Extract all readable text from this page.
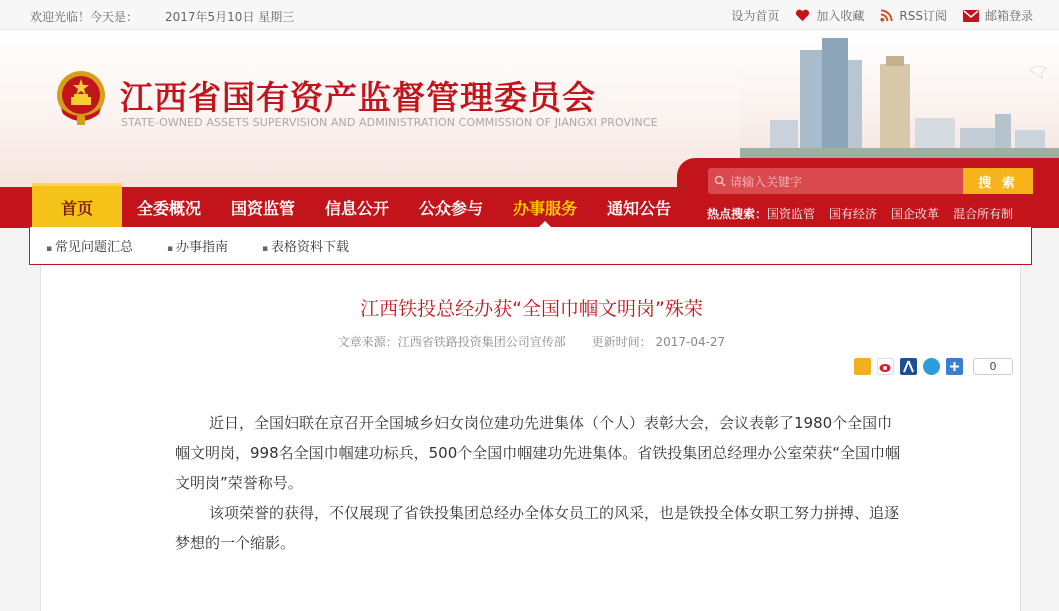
欢迎光临！今天是： 2017年5月10日 星期三	设为首页	加入收藏	RSS订阅	邮箱登录
江西省国有资产监督管理委员会
STATE-OWNED ASSETS SUPERVISION AND ADMINISTRATION COMMISSION OF JIANGXI PROVINCE
首页	全委概况	国资监管	信息公开	公众参与	办事服务	通知公告
请输入关键字	搜 索
热点搜索： 国资监管 国有经济 国企改革 混合所有制
▪ 常见问题汇总	▪ 办事指南	▪ 表格资料下载
江西铁投总经办获“全国巾帼文明岗”殊荣
文章来源：江西省铁路投资集团公司宣传部 更新时间： 2017-04-27
0

近日，全国妇联在京召开全国城乡妇女岗位建功先进集体（个人）表彰大会，会议表彰了1980个全国巾帼文明岗，998名全国巾帼建功标兵，500个全国巾帼建功先进集体。省铁投集团总经理办公室荣获“全国巾帼文明岗”荣誉称号。

该项荣誉的获得，不仅展现了省铁投集团总经办全体女员工的风采，也是铁投全体女职工努力拼搏、追逐梦想的一个缩影。
